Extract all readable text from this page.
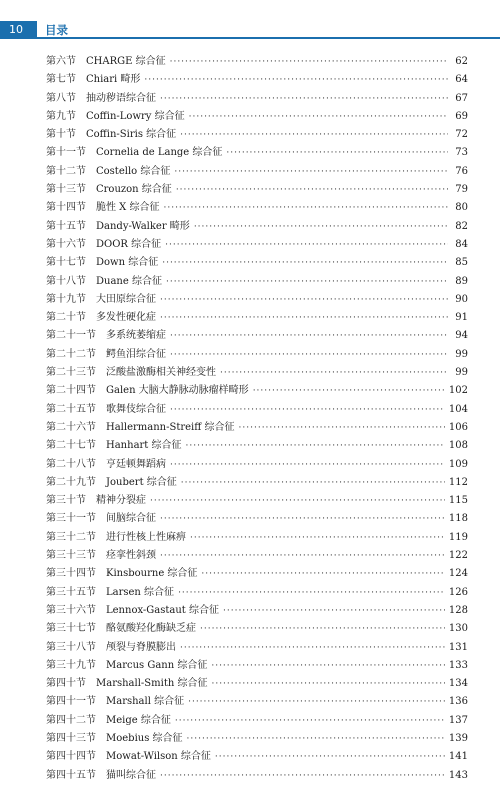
10	目录
第六节 CHARGE 综合征 ·····	62
第七节 Chiari 畸形 ·····	64
第八节 抽动秽语综合征 ·····	67
第九节 Coffin-Lowry 综合征 ·····	69
第十节 Coffin-Siris 综合征 ·····	72
第十一节 Cornelia de Lange 综合征 ·····	73
第十二节 Costello 综合征 ·····	76
第十三节 Crouzon 综合征 ·····	79
第十四节 脆性 X 综合征 ·····	80
第十五节 Dandy-Walker 畸形 ·····	82
第十六节 DOOR 综合征 ·····	84
第十七节 Down 综合征 ·····	85
第十八节 Duane 综合征 ·····	89
第十九节 大田原综合征 ·····	90
第二十节 多发性硬化症 ·····	91
第二十一节 多系统萎缩症 ·····	94
第二十二节 鳄鱼泪综合征 ·····	99
第二十三节 泛酸盐激酶相关神经变性 ·····	99
第二十四节 Galen 大脑大静脉动脉瘤样畸形 ·····	102
第二十五节 歌舞伎综合征 ·····	104
第二十六节 Hallermann-Streiff 综合征 ·····	106
第二十七节 Hanhart 综合征 ·····	108
第二十八节 亨廷顿舞蹈病 ·····	109
第二十九节 Joubert 综合征 ·····	112
第三十节 精神分裂症 ·····	115
第三十一节 间脑综合征 ·····	118
第三十二节 进行性核上性麻痹 ·····	119
第三十三节 痉挛性斜颈 ·····	122
第三十四节 Kinsbourne 综合征 ·····	124
第三十五节 Larsen 综合征 ·····	126
第三十六节 Lennox-Gastaut 综合征 ·····	128
第三十七节 酪氨酸羟化酶缺乏症 ·····	130
第三十八节 颅裂与脊膜膨出 ·····	131
第三十九节 Marcus Gann 综合征 ·····	133
第四十节 Marshall-Smith 综合征 ·····	134
第四十一节 Marshall 综合征 ·····	136
第四十二节 Meige 综合征 ·····	137
第四十三节 Moebius 综合征 ·····	139
第四十四节 Mowat-Wilson 综合征 ·····	141
第四十五节 猫叫综合征 ·····	143
